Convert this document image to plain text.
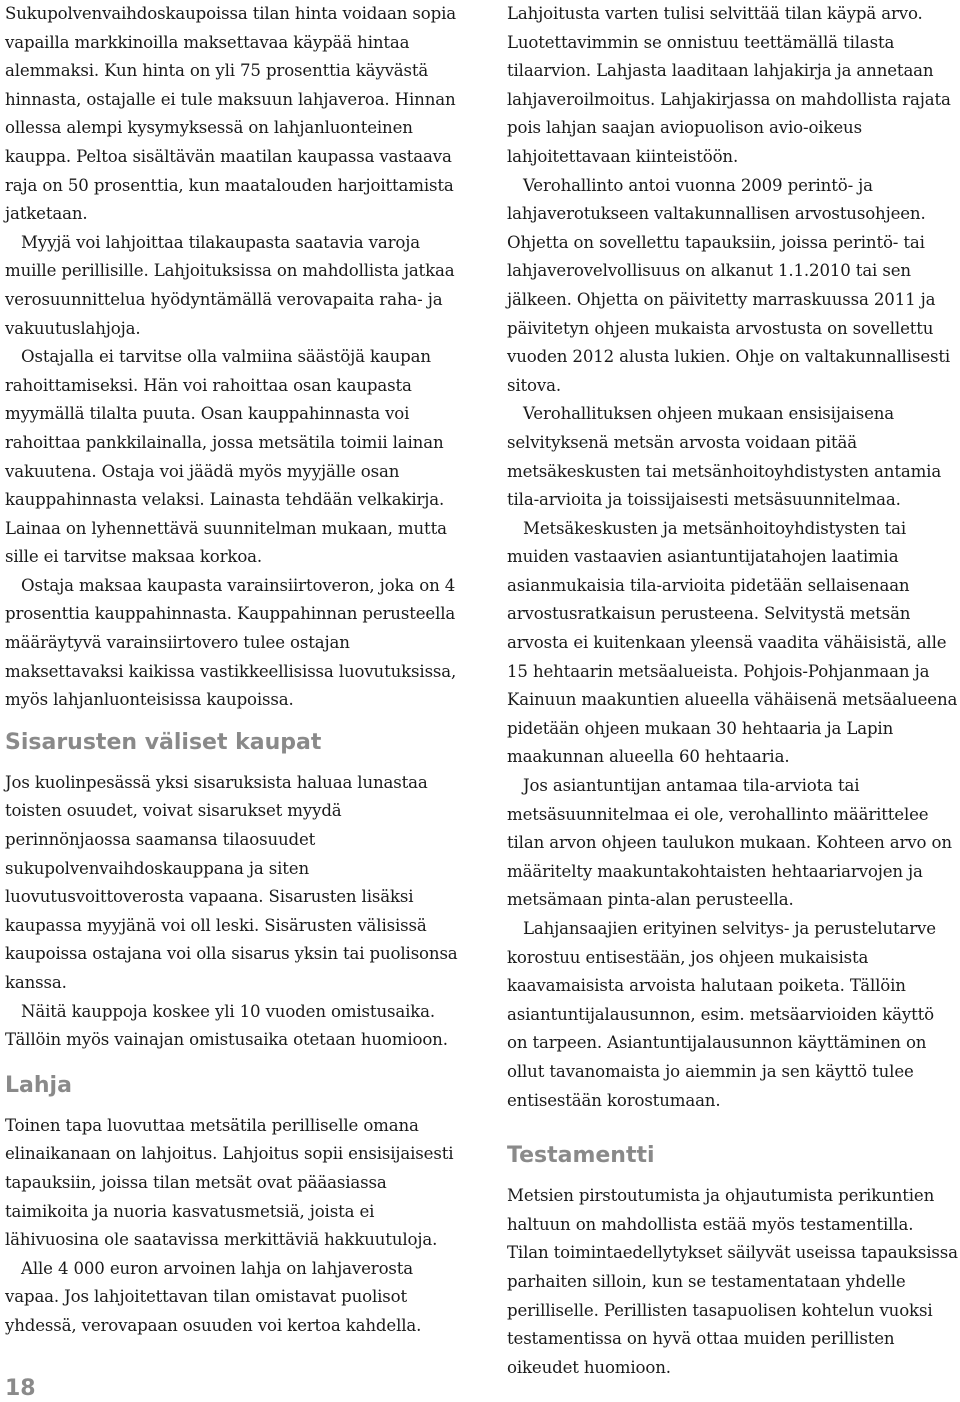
Sukupolvenvaihdoskaupoissa tilan hinta voidaan sopia vapailla markkinoilla maksettavaa käypää hintaa alemmaksi. Kun hinta on yli 75 prosenttia käyvästä hinnasta, ostajalle ei tule maksuun lahjaveroa. Hinnan ollessa alempi kysymyksessä on lahjanluonteinen kauppa. Peltoa sisältävän maatilan kaupassa vastaava raja on 50 prosenttia, kun maatalouden harjoittamista jatketaan.

Myyjä voi lahjoittaa tilakaupasta saatavia varoja muille perillisille. Lahjoituksissa on mahdollista jatkaa verosuunnittelua hyödyntämällä verovapaita raha- ja vakuutuslahjoja.

Ostajalla ei tarvitse olla valmiina säästöjä kaupan rahoittamiseksi. Hän voi rahoittaa osan kaupasta myymällä tilalta puuta. Osan kauppahinnasta voi rahoittaa pankkilainalla, jossa metsätila toimii lainan vakuutena. Ostaja voi jäädä myös myyjälle osan kauppahinnasta velaksi. Lainasta tehdään velkakirja. Lainaa on lyhennettävä suunnitelman mukaan, mutta sille ei tarvitse maksaa korkoa.

Ostaja maksaa kaupasta varainsiirtoveron, joka on 4 prosenttia kauppahinnasta. Kauppahinnan perusteella määräytyvä varainsiirtovero tulee ostajan maksettavaksi kaikissa vastikkeellisissa luovutuksissa, myös lahjanluonteisissa kaupoissa.

Sisarusten väliset kaupat

Jos kuolinpesässä yksi sisaruksista haluaa lunastaa toisten osuudet, voivat sisarukset myydä perinnönjaossa saamansa tilaosuudet sukupolvenvaihdoskauppana ja siten luovutusvoittoverosta vapaana. Sisarusten lisäksi kaupassa myyjänä voi oll leski. Sisärusten välisissä kaupoissa ostajana voi olla sisarus yksin tai puolisonsa kanssa.

Näitä kauppoja koskee yli 10 vuoden omistusaika. Tällöin myös vainajan omistusaika otetaan huomioon.

Lahja

Toinen tapa luovuttaa metsätila perilliselle omana elinaikanaan on lahjoitus. Lahjoitus sopii ensisijaisesti tapauksiin, joissa tilan metsät ovat pääasiassa taimikoita ja nuoria kasvatusmetsiä, joista ei lähivuosina ole saatavissa merkittäviä hakkuutuloja.

Alle 4 000 euron arvoinen lahja on lahjaverosta vapaa. Jos lahjoitettavan tilan omistavat puolisot yhdessä, verovapaan osuuden voi kertoa kahdella.

Lahjoitusta varten tulisi selvittää tilan käypä arvo. Luotettavimmin se onnistuu teettämällä tilasta tilaarvion. Lahjasta laaditaan lahjakirja ja annetaan lahjaveroilmoitus. Lahjakirjassa on mahdollista rajata pois lahjan saajan aviopuolison avio-oikeus lahjoitettavaan kiinteistöön.

Verohallinto antoi vuonna 2009 perintö- ja lahjaverotukseen valtakunnallisen arvostusohjeen. Ohjetta on sovellettu tapauksiin, joissa perintö- tai lahjaverovelvollisuus on alkanut 1.1.2010 tai sen jälkeen. Ohjetta on päivitetty marraskuussa 2011 ja päivitetyn ohjeen mukaista arvostusta on sovellettu vuoden 2012 alusta lukien. Ohje on valtakunnallisesti sitova.

Verohallituksen ohjeen mukaan ensisijaisena selvityksenä metsän arvosta voidaan pitää metsäkeskusten tai metsänhoitoyhdistysten antamia tila-arvioita ja toissijaisesti metsäsuunnitelmaa.

Metsäkeskusten ja metsänhoitoyhdistysten tai muiden vastaavien asiantuntijatahojen laatimia asianmukaisia tila-arvioita pidetään sellaisenaan arvostusratkaisun perusteena. Selvitystä metsän arvosta ei kuitenkaan yleensä vaadita vähäisistä, alle 15 hehtaarin metsäalueista. Pohjois-Pohjanmaan ja Kainuun maakuntien alueella vähäisenä metsäalueena pidetään ohjeen mukaan 30 hehtaaria ja Lapin maakunnan alueella 60 hehtaaria.

Jos asiantuntijan antamaa tila-arviota tai metsäsuunnitelmaa ei ole, verohallinto määrittelee tilan arvon ohjeen taulukon mukaan. Kohteen arvo on määritelty maakuntakohtaisten hehtaariarvojen ja metsämaan pinta-alan perusteella.

Lahjansaajien erityinen selvitys- ja perustelutarve korostuu entisestään, jos ohjeen mukaisista kaavamaisista arvoista halutaan poiketa. Tällöin asiantuntijalausunnon, esim. metsäarvioiden käyttö on tarpeen. Asiantuntijalausunnon käyttäminen on ollut tavanomaista jo aiemmin ja sen käyttö tulee entisestään korostumaan.

Testamentti

Metsien pirstoutumista ja ohjautumista perikuntien haltuun on mahdollista estää myös testamentilla. Tilan toimintaedellytykset säilyvät useissa tapauksissa parhaiten silloin, kun se testamentataan yhdelle perilliselle. Perillisten tasapuolisen kohtelun vuoksi testamentissa on hyvä ottaa muiden perillisten oikeudet huomioon.

18
